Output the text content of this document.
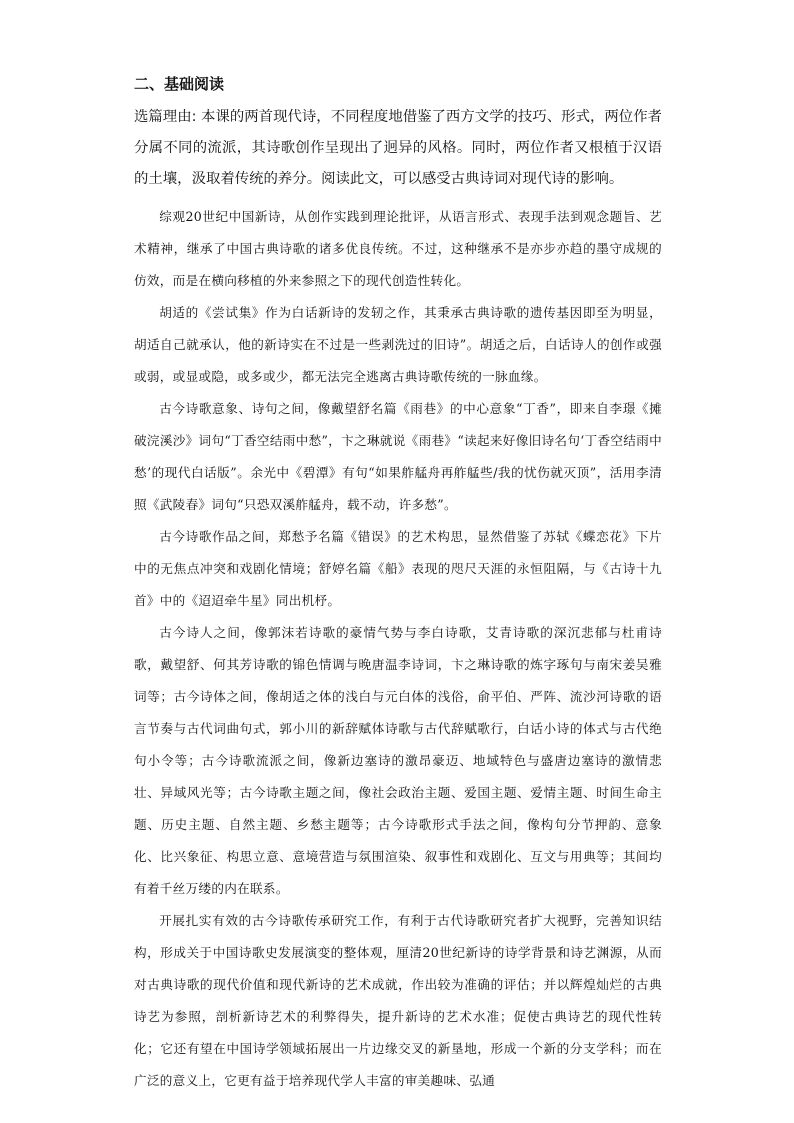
二、基础阅读

选篇理由: 本课的两首现代诗，不同程度地借鉴了西方文学的技巧、形式，两位作者分属不同的流派，其诗歌创作呈现出了迥异的风格。同时，两位作者又根植于汉语的土壤，汲取着传统的养分。阅读此文，可以感受古典诗词对现代诗的影响。

综观20世纪中国新诗，从创作实践到理论批评，从语言形式、表现手法到观念题旨、艺术精神，继承了中国古典诗歌的诸多优良传统。不过，这种继承不是亦步亦趋的墨守成规的仿效，而是在横向移植的外来参照之下的现代创造性转化。

胡适的《尝试集》作为白话新诗的发轫之作，其秉承古典诗歌的遗传基因即至为明显，胡适自己就承认，他的新诗实在不过是一些剥洗过的旧诗”。胡适之后，白话诗人的创作或强或弱，或显或隐，或多或少，都无法完全逃离古典诗歌传统的一脉血缘。

古今诗歌意象、诗句之间，像戴望舒名篇《雨巷》的中心意象“丁香”，即来自李璟《摊破浣溪沙》词句“丁香空结雨中愁”，卞之琳就说《雨巷》“读起来好像旧诗名句‘丁香空结雨中愁’的现代白话版”。余光中《碧潭》有句“如果舴艋舟再舴艋些/我的忧伤就灭顶”，活用李清照《武陵春》词句“只恐双溪舴艋舟，载不动，许多愁”。

古今诗歌作品之间，郑愁予名篇《错误》的艺术构思，显然借鉴了苏轼《蝶恋花》下片中的无焦点冲突和戏剧化情境；舒婷名篇《船》表现的咫尺天涯的永恒阻隔，与《古诗十九首》中的《迢迢牵牛星》同出机杼。

古今诗人之间，像郭沫若诗歌的豪情气势与李白诗歌，艾青诗歌的深沉悲郁与杜甫诗歌，戴望舒、何其芳诗歌的锦色情调与晚唐温李诗词，卞之琳诗歌的炼字琢句与南宋姜吴雅词等；古今诗体之间，像胡适之体的浅白与元白体的浅俗，俞平伯、严阵、流沙河诗歌的语言节奏与古代词曲句式，郭小川的新辞赋体诗歌与古代辞赋歌行，白话小诗的体式与古代绝句小令等；古今诗歌流派之间，像新边塞诗的激昂豪迈、地域特色与盛唐边塞诗的激情悲壮、异域风光等；古今诗歌主题之间，像社会政治主题、爱国主题、爱情主题、时间生命主题、历史主题、自然主题、乡愁主题等；古今诗歌形式手法之间，像构句分节押韵、意象化、比兴象征、构思立意、意境营造与氛围渲染、叙事性和戏剧化、互文与用典等；其间均有着千丝万缕的内在联系。

开展扎实有效的古今诗歌传承研究工作，有利于古代诗歌研究者扩大视野，完善知识结构，形成关于中国诗歌史发展演变的整体观，厘清20世纪新诗的诗学背景和诗艺渊源，从而对古典诗歌的现代价值和现代新诗的艺术成就，作出较为准确的评估；并以辉煌灿烂的古典诗艺为参照，剖析新诗艺术的利弊得失，提升新诗的艺术水准；促使古典诗艺的现代性转化；它还有望在中国诗学领域拓展出一片边缘交叉的新垦地，形成一个新的分支学科；而在广泛的意义上，它更有益于培养现代学人丰富的审美趣味、弘通
